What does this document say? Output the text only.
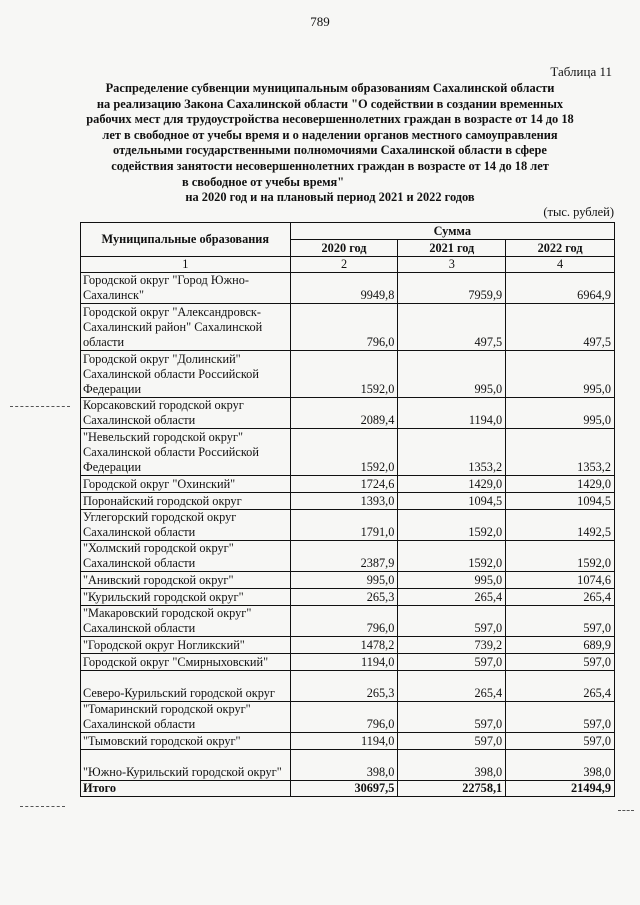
789
Таблица 11
Распределение субвенции муниципальным образованиям Сахалинской области
на реализацию Закона Сахалинской области "О содействии в создании временных
рабочих мест для трудоустройства несовершеннолетних граждан в возрасте от 14 до 18
лет в свободное от учебы время и о наделении органов местного самоуправления
отдельными государственными полномочиями Сахалинской области в сфере
содействия занятости несовершеннолетних граждан в возрасте от 14 до 18 лет
в свободное от учебы время"
на 2020 год и на плановый период 2021 и 2022 годов
(тыс. рублей)
Муниципальные образования	Сумма		
	2020 год	2021 год	2022 год
1	2	3	4
Городской округ "Город Южно-Сахалинск"	9949,8	7959,9	6964,9
Городской округ "Александровск-Сахалинский район" Сахалинской области	796,0	497,5	497,5
Городской округ "Долинский" Сахалинской области Российской Федерации	1592,0	995,0	995,0
Корсаковский городской округ Сахалинской области	2089,4	1194,0	995,0
"Невельский городской округ" Сахалинской области Российской Федерации	1592,0	1353,2	1353,2
Городской округ "Охинский"	1724,6	1429,0	1429,0
Поронайский городской округ	1393,0	1094,5	1094,5
Углегорский городской округ Сахалинской области	1791,0	1592,0	1492,5
"Холмский городской округ" Сахалинской области	2387,9	1592,0	1592,0
"Анивский городской округ"	995,0	995,0	1074,6
"Курильский городской округ"	265,3	265,4	265,4
"Макаровский городской округ" Сахалинской области	796,0	597,0	597,0
"Городской округ Ногликский"	1478,2	739,2	689,9
Городской округ "Смирныховский"	1194,0	597,0	597,0
Северо-Курильский городской округ	265,3	265,4	265,4
"Томаринский городской округ" Сахалинской области	796,0	597,0	597,0
"Тымовский городской округ"	1194,0	597,0	597,0
"Южно-Курильский городской округ"	398,0	398,0	398,0
Итого	30697,5	22758,1	21494,9
